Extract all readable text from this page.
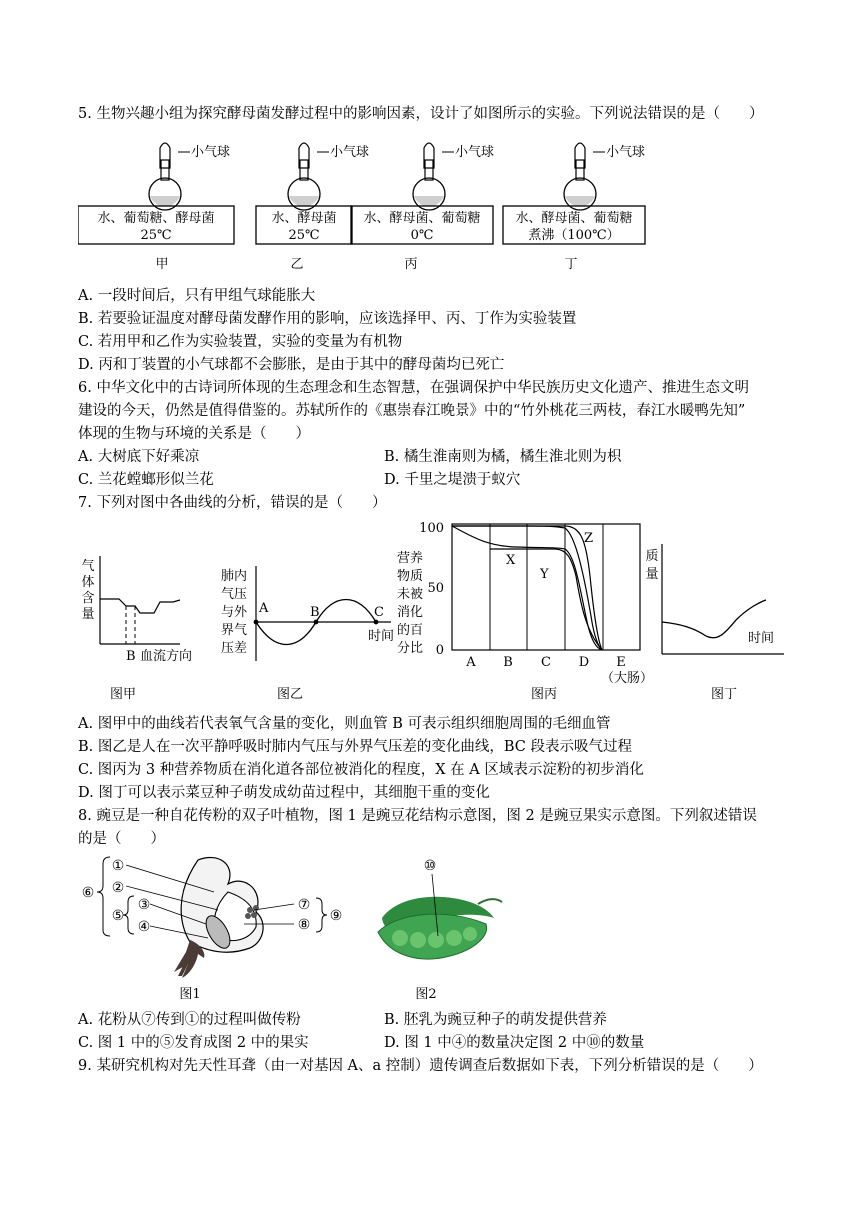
5. 生物兴趣小组为探究酵母菌发酵过程中的影响因素，设计了如图所示的实验。下列说法错误的是（　　）
小气球	小气球	小气球	小气球
水、葡萄糖、酵母菌
25℃
水、酵母菌
25℃
水、酵母菌、葡萄糖
0℃
水、酵母菌、葡萄糖
煮沸（100℃）
甲	乙	丙	丁
A. 一段时间后，只有甲组气球能胀大
B. 若要验证温度对酵母菌发酵作用的影响，应该选择甲、丙、丁作为实验装置
C. 若用甲和乙作为实验装置，实验的变量为有机物
D. 丙和丁装置的小气球都不会膨胀，是由于其中的酵母菌均已死亡
6. 中华文化中的古诗词所体现的生态理念和生态智慧，在强调保护中华民族历史文化遗产、推进生态文明
建设的今天，仍然是值得借鉴的。苏轼所作的《惠崇春江晚景》中的“竹外桃花三两枝，春江水暖鸭先知”
体现的生物与环境的关系是（　　）
A. 大树底下好乘凉	B. 橘生淮南则为橘，橘生淮北则为枳
C. 兰花螳螂形似兰花	D. 千里之堤溃于蚁穴
7. 下列对图中各曲线的分析，错误的是（　　）
气
体
含
量
B 血流方向
图甲
肺内
气压
与外
界气
压差
A	B	C
时间
图乙
营养
物质
未被
消化
的百
分比
100
50
0
X
Y
Z
A B C D E
（大肠）
图丙
质
量
时间
图丁
A. 图甲中的曲线若代表氧气含量的变化，则血管 B 可表示组织细胞周围的毛细血管
B. 图乙是人在一次平静呼吸时肺内气压与外界气压差的变化曲线，BC 段表示吸气过程
C. 图丙为 3 种营养物质在消化道各部位被消化的程度，X 在 A 区域表示淀粉的初步消化
D. 图丁可以表示菜豆种子萌发成幼苗过程中，其细胞干重的变化
8. 豌豆是一种自花传粉的双子叶植物，图 1 是豌豆花结构示意图，图 2 是豌豆果实示意图。下列叙述错误
的是（　　）
①
②
③
④
⑤
⑥
⑦
⑧
⑨
图1
⑩
图2
A. 花粉从⑦传到①的过程叫做传粉	B. 胚乳为豌豆种子的萌发提供营养
C. 图 1 中的⑤发育成图 2 中的果实	D. 图 1 中④的数量决定图 2 中⑩的数量
9. 某研究机构对先天性耳聋（由一对基因 A、a 控制）遗传调查后数据如下表，下列分析错误的是（　　）
